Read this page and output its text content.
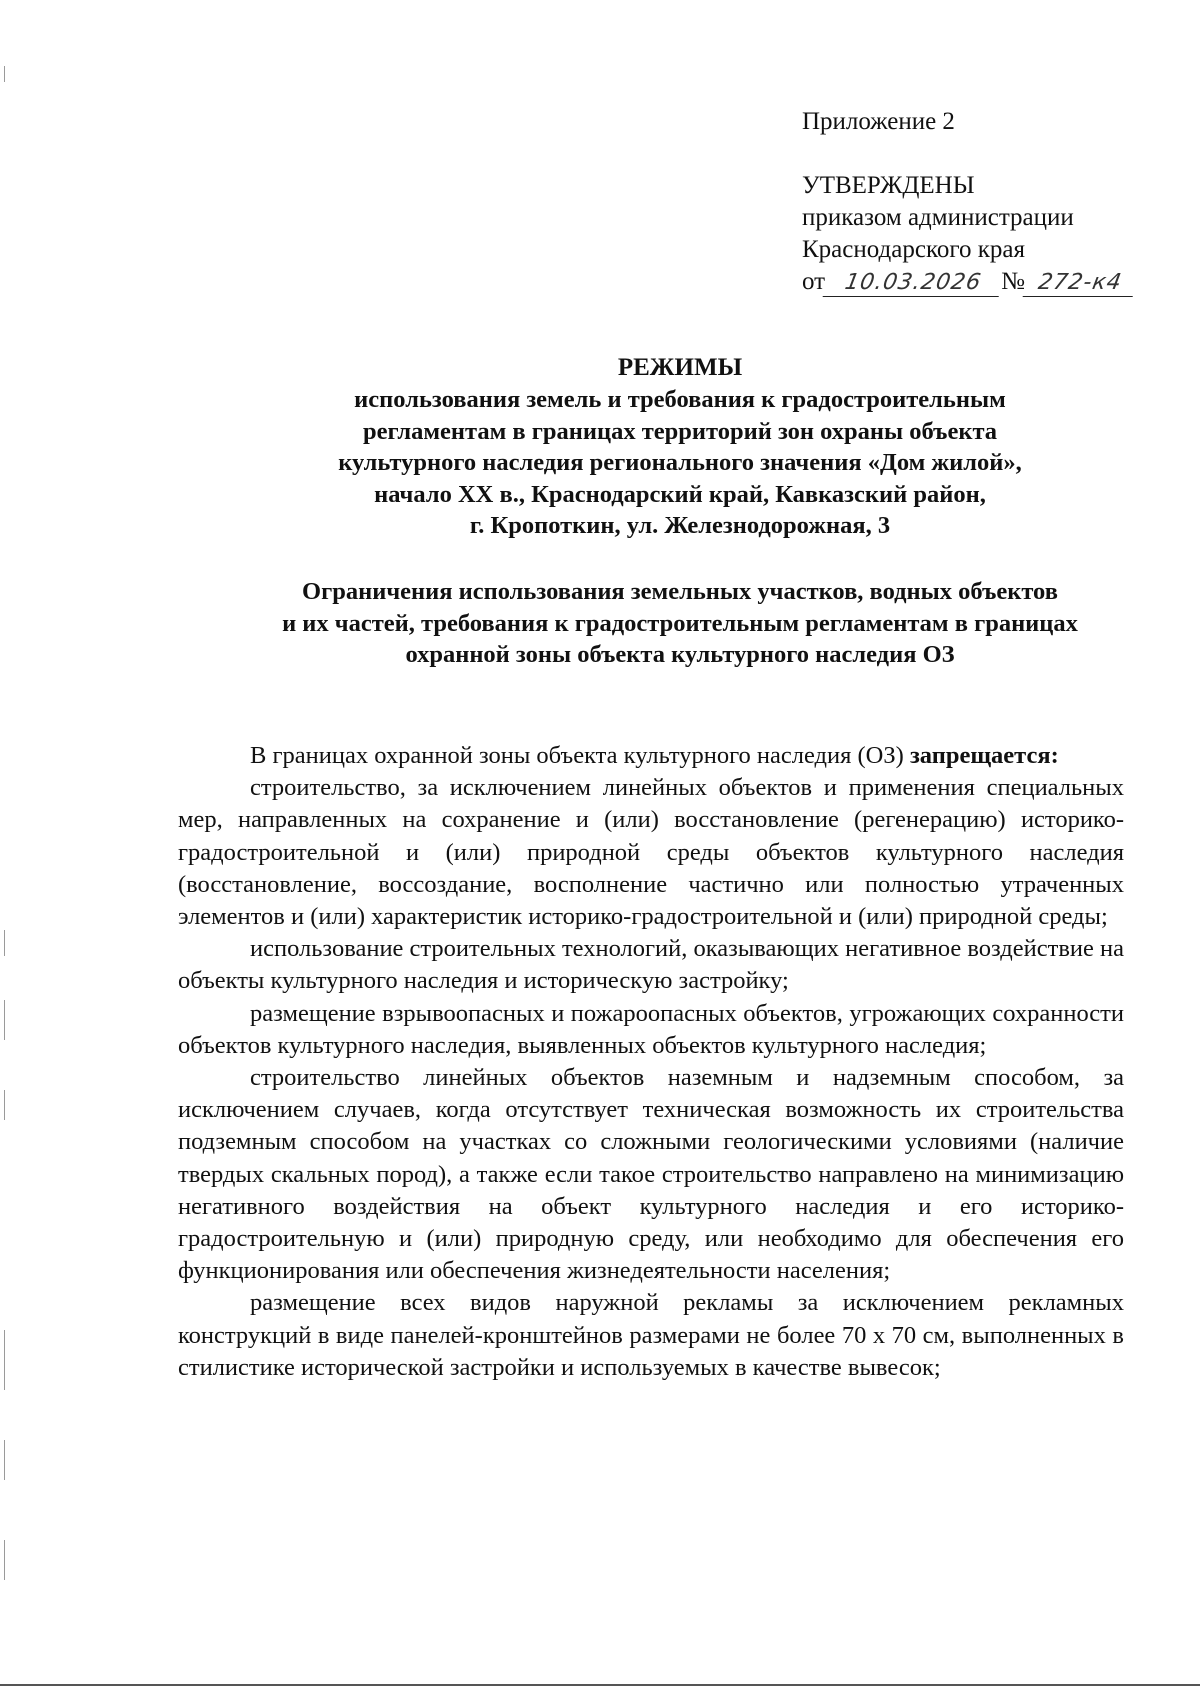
Приложение 2
УТВЕРЖДЕНЫ
приказом администрации
Краснодарского края
от 10.03.2026 № 272-к4
РЕЖИМЫ
использования земель и требования к градостроительным
регламентам в границах территорий зон охраны объекта
культурного наследия регионального значения «Дом жилой»,
начало XX в., Краснодарский край, Кавказский район,
г. Кропоткин, ул. Железнодорожная, 3
Ограничения использования земельных участков, водных объектов
и их частей, требования к градостроительным регламентам в границах
охранной зоны объекта культурного наследия ОЗ

В границах охранной зоны объекта культурного наследия (ОЗ) запрещается:

строительство, за исключением линейных объектов и применения специальных мер, направленных на сохранение и (или) восстановление (регенерацию) историко-градостроительной и (или) природной среды объектов культурного наследия (восстановление, воссоздание, восполнение частично или полностью утраченных элементов и (или) характеристик историко-градостроительной и (или) природной среды;

использование строительных технологий, оказывающих негативное воздействие на объекты культурного наследия и историческую застройку;

размещение взрывоопасных и пожароопасных объектов, угрожающих сохранности объектов культурного наследия, выявленных объектов культурного наследия;

строительство линейных объектов наземным и надземным способом, за исключением случаев, когда отсутствует техническая возможность их строительства подземным способом на участках со сложными геологическими условиями (наличие твердых скальных пород), а также если такое строительство направлено на минимизацию негативного воздействия на объект культурного наследия и его историко-градостроительную и (или) природную среду, или необходимо для обеспечения его функционирования или обеспечения жизнедеятельности населения;

размещение всех видов наружной рекламы за исключением рекламных конструкций в виде панелей-кронштейнов размерами не более 70 х 70 см, выполненных в стилистике исторической застройки и используемых в качестве вывесок;
